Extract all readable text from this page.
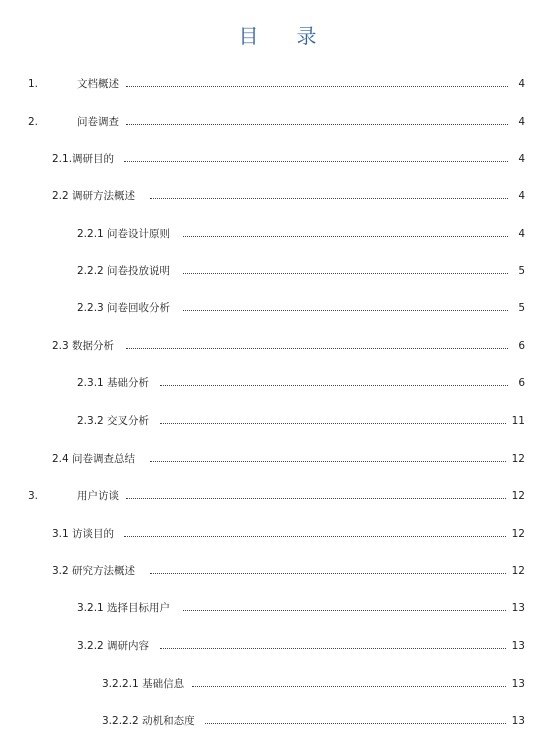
目 录
1.	文档概述	4
2.	问卷调查	4
2.1.调研目的	4
2.2 调研方法概述	4
2.2.1 问卷设计原则	4
2.2.2 问卷投放说明	5
2.2.3 问卷回收分析	5
2.3 数据分析	6
2.3.1 基础分析	6
2.3.2 交叉分析	11
2.4 问卷调查总结	12
3.	用户访谈	12
3.1 访谈目的	12
3.2 研究方法概述	12
3.2.1 选择目标用户	13
3.2.2 调研内容	13
3.2.2.1 基础信息	13
3.2.2.2 动机和态度	13
